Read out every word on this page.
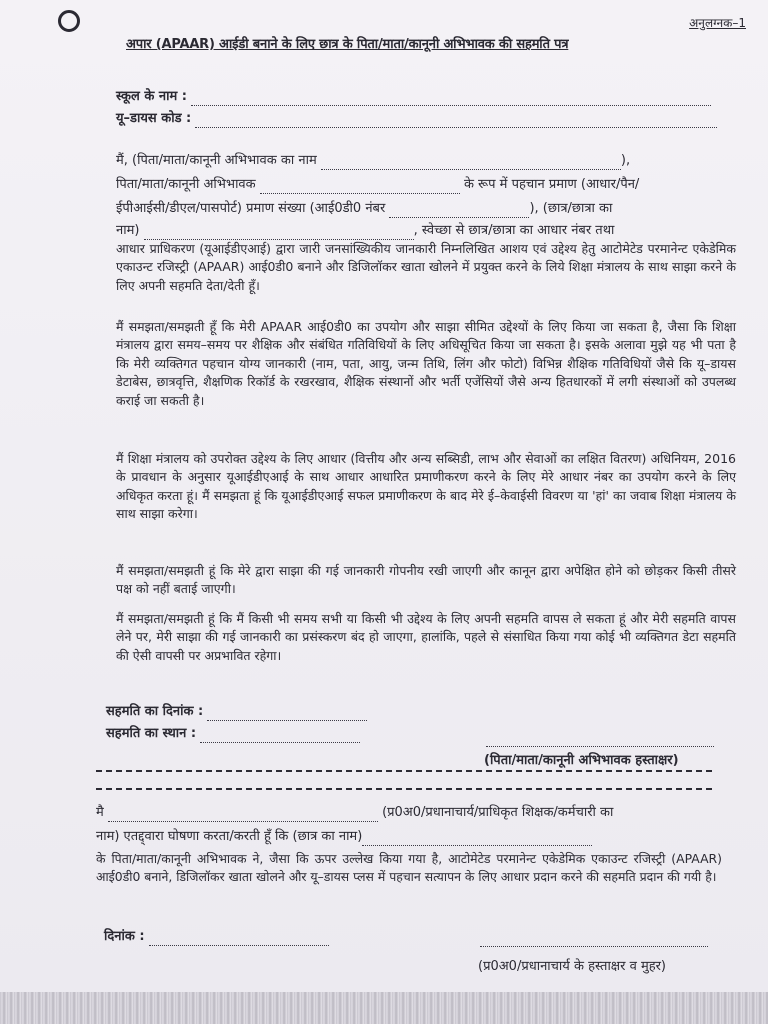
अनुलग्नक–1
अपार (APAAR) आईडी बनाने के लिए छात्र के पिता/माता/कानूनी अभिभावक की सहमति पत्र
स्कूल के नाम :
यू–डायस कोड :
मैं, (पिता/माता/कानूनी अभिभावक का नाम	),
पिता/माता/कानूनी अभिभावक	के रूप में पहचान प्रमाण (आधार/पैन/
ईपीआईसी/डीएल/पासपोर्ट) प्रमाण संख्या (आई0डी0 नंबर	), (छात्र/छात्रा का
नाम)	, स्वेच्छा से छात्र/छात्रा का आधार नंबर तथा
आधार प्राधिकरण (यूआईडीएआई) द्वारा जारी जनसांख्यिकीय जानकारी निम्नलिखित आशय एवं उद्देश्य हेतु आटोमेटेड परमानेन्ट एकेडेमिक एकाउन्ट रजिस्ट्री (APAAR) आई0डी0 बनाने और डिजिलॉकर खाता खोलने में प्रयुक्त करने के लिये शिक्षा मंत्रालय के साथ साझा करने के लिए अपनी सहमति देता/देती हूँ।
मैं समझता/समझती हूँ कि मेरी APAAR आई0डी0 का उपयोग और साझा सीमित उद्देश्यों के लिए किया जा सकता है, जैसा कि शिक्षा मंत्रालय द्वारा समय–समय पर शैक्षिक और संबंधित गतिविधियों के लिए अधिसूचित किया जा सकता है। इसके अलावा मुझे यह भी पता है कि मेरी व्यक्तिगत पहचान योग्य जानकारी (नाम, पता, आयु, जन्म तिथि, लिंग और फोटो) विभिन्न शैक्षिक गतिविधियों जैसे कि यू–डायस डेटाबेस, छात्रवृत्ति, शैक्षणिक रिकॉर्ड के रखरखाव, शैक्षिक संस्थानों और भर्ती एजेंसियों जैसे अन्य हितधारकों में लगी संस्थाओं को उपलब्ध कराई जा सकती है।
मैं शिक्षा मंत्रालय को उपरोक्त उद्देश्य के लिए आधार (वित्तीय और अन्य सब्सिडी, लाभ और सेवाओं का लक्षित वितरण) अधिनियम, 2016 के प्रावधान के अनुसार यूआईडीएआई के साथ आधार आधारित प्रमाणीकरण करने के लिए मेरे आधार नंबर का उपयोग करने के लिए अधिकृत करता हूं। मैं समझता हूं कि यूआईडीएआई सफल प्रमाणीकरण के बाद मेरे ई–केवाईसी विवरण या 'हां' का जवाब शिक्षा मंत्रालय के साथ साझा करेगा।
मैं समझता/समझती हूं कि मेरे द्वारा साझा की गई जानकारी गोपनीय रखी जाएगी और कानून द्वारा अपेक्षित होने को छोड़कर किसी तीसरे पक्ष को नहीं बताई जाएगी।
मैं समझता/समझती हूं कि मैं किसी भी समय सभी या किसी भी उद्देश्य के लिए अपनी सहमति वापस ले सकता हूं और मेरी सहमति वापस लेने पर, मेरी साझा की गई जानकारी का प्रसंस्करण बंद हो जाएगा, हालांकि, पहले से संसाधित किया गया कोई भी व्यक्तिगत डेटा सहमति की ऐसी वापसी पर अप्रभावित रहेगा।
सहमति का दिनांक :
सहमति का स्थान :
(पिता/माता/कानूनी अभिभावक हस्ताक्षर)
मै	(प्र0अ0/प्रधानाचार्य/प्राधिकृत शिक्षक/कर्मचारी का
नाम) एतद्द्वारा घोषणा करता/करती हूँ कि (छात्र का नाम)
के पिता/माता/कानूनी अभिभावक ने, जैसा कि ऊपर उल्लेख किया गया है, आटोमेटेड परमानेन्ट एकेडेमिक एकाउन्ट रजिस्ट्री (APAAR) आई0डी0 बनाने, डिजिलॉकर खाता खोलने और यू–डायस प्लस में पहचान सत्यापन के लिए आधार प्रदान करने की सहमति प्रदान की गयी है।
दिनांक :
(प्र0अ0/प्रधानाचार्य के हस्ताक्षर व मुहर)
